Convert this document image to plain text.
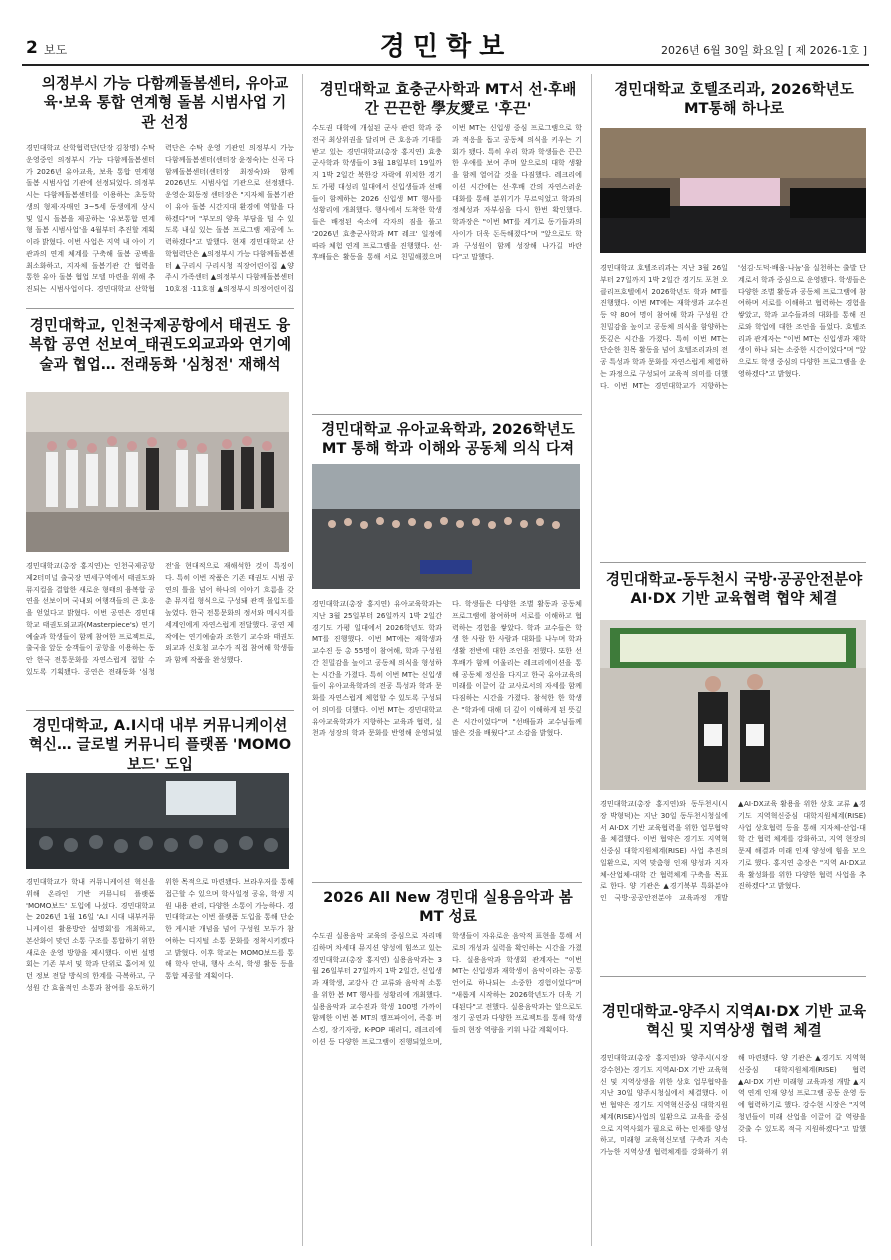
2 보도	경민학보	2026년 6월 30일 화요일 [ 제 2026-1호 ]
의정부시 가능 다함께돌봄센터, 유아교육·보육 통합 연계형 돌봄 시범사업 기관 선정
경민대학교 산학협력단(단장 김창명) 수탁 운영중인 의정부시 가능 다함께돌봄센터가 2026년 유아교육, 보육 통합 연계형 돌봄 시범사업 기관에 선정되었다. 의정부시는 다함께돌봄센터를 이용하는 초등학생의 형제·자매인 3~5세 동생에게 상시 및 일시 돌봄을 제공하는 '유보통합 연계형 돌봄 시범사업'을 4월부터 추진할 계획이라 밝혔다. 이번 사업은 지역 내 아이 기관과의 연계 체계를 구축해 돌봄 공백을 최소화하고, 지자체 돌봄기관 간 협력을 통한 유아 돌봄 협업 모델 마련을 위해 추진되는 시범사업이다. 경민대학교 산학협력단은 수탁 운영 기관인 의정부시 가능 다함께돌봄센터(센터장 윤정숙)는 신곡 다함께돌봄센터(센터장 최정숙)와 함께 2026년도 시범사업 기관으로 선정됐다. 운영순·회동정 센터장은 "지자체 돌봄기관이 유아 돌봄 시간지대 환경에 역할을 다하겠다"며 "부모의 양육 부담을 덜 수 있도록 내실 있는 돌봄 프로그램 제공에 노력하겠다"고 말했다. 현재 경민대학교 산학협력단은 ▲의정부시 가능 다함께돌봄센터 ▲구리시 구리시청 직장어린이집 ▲양주시 가족센터 ▲의정부시 다함께돌봄센터 10호점 ·11호점 ▲의정부시 의정어린이집
경민대학교, 인천국제공항에서 태권도 융복합 공연 선보여_태권도외교과와 연기예술과 협업… 전래동화 '심청전' 재해석
경민대학교(총장 홍지연)는 인천국제공항 제2터미널 출국장 면세구역에서 태권도와 뮤지컬을 결합한 새로운 형태의 융복합 공연을 선보이며 국내외 여행객들의 큰 호응을 얻었다고 밝혔다. 이번 공연은 경민대학교 태권도외교과(Masterpiece's) 연기예술과 학생들이 함께 참여한 프로젝트로, 출국을 앞둔 승객들이 공항을 이용하는 동안 한국 전통문화를 자연스럽게 접할 수 있도록 기획됐다. 공연은 전래동화 '심청전'을 현대적으로 재해석한 것이 특징이다. 특히 이번 작품은 기존 태권도 시범 공연의 틀을 넘어 하나의 이야기 흐름을 갖춘 뮤지컬 형식으로 구성돼 관객 몰입도를 높였다. 한국 전통문화의 정서와 메시지를 세계인에게 자연스럽게 전달했다. 공연 제작에는 연기예술과 조한기 교수와 태권도외교과 신호철 교수가 직접 참여해 학생들과 함께 작품을 완성했다.
경민대학교, A.I시대 내부 커뮤니케이션 혁신… 글로벌 커뮤니티 플랫폼 'MOMO보드' 도입
경민대학교가 학내 커뮤니케이션 혁신을 위해 온라인 기반 커뮤니티 플랫폼 'MOMO보드' 도입에 나섰다. 경민대학교는 2026년 1월 16일 'A.I 시대 내부커뮤니케이션 활용방안 설명회'를 개최하고, 본산화이 맞던 소통 구조를 통합하기 위한 새로운 운영 방향을 제시했다. 이번 설명회는 기존 부서 및 학과 단위로 흩어져 있던 정보 전달 방식의 한계를 극복하고, 구성원 간 효율적인 소통과 참여를 유도하기 위한 목적으로 마련됐다. 브라우저를 통해 접근할 수 있으며 학사일정 공유, 학생 지원 내용 관리, 다양한 소통이 가능하다. 경민대학교는 이번 플랫폼 도입을 통해 단순한 게시판 개념을 넘어 구성원 모두가 참여하는 디지털 소통 문화를 정착시키겠다고 밝혔다. 이후 학교는 MOMO보드를 통해 학사 안내, 행사 소식, 학생 활동 등을 통합 제공할 계획이다.
경민대학교 효충군사학과 MT서 선·후배 간 끈끈한 學友愛로 '후끈'
수도권 대학에 개설된 군사 관련 학과 중 전국 최상위권을 달리며 큰 호응과 기대를 받고 있는 경민대학교(총장 홍지연) 효충군사학과 학생들이 3월 18일부터 19일까지 1박 2일간 북한강 자락에 위치한 경기도 가평 대성리 일대에서 신입생들과 선배들이 함께하는 2026 신입생 MT 행사를 성황리에 개최했다. 행사에서 도착한 학생들은 배정된 숙소에 각자의 짐을 풀고 '2026년 효충군사학과 MT 레크' 일정에 따라 체험 연계 프로그램을 진행했다. 선·후배들은 활동을 통해 서로 친밀해졌으며 이번 MT는 신입생 중심 프로그램으로 학과 적응을 돕고 공동체 의식을 키우는 기회가 됐다. 특히 우리 학과 학생들은 끈끈한 우애를 보여 주며 앞으로의 대학 생활을 함께 열어갈 것을 다짐했다. 레크리에이션 시간에는 선·후배 간의 자연스러운 대화를 통해 분위기가 무르익었고 학과의 정체성과 자부심을 다시 한번 확인했다. 학과장은 "이번 MT를 계기로 동기들과의 사이가 더욱 돈독해졌다"며 "앞으로도 학과 구성원이 함께 성장해 나가길 바란다"고 말했다.
경민대학교 유아교육학과, 2026학년도 MT 통해 학과 이해와 공동체 의식 다져
경민대학교(총장 홍지연) 유아교육학과는 지난 3월 25일부터 26일까지 1박 2일간 경기도 가평 일대에서 2026학년도 학과 MT를 진행했다. 이번 MT에는 재학생과 교수진 등 총 55명이 참여해, 학과 구성원 간 친밀감을 높이고 공동체 의식을 형성하는 시간을 가졌다. 특히 이번 MT는 신입생들이 유아교육학과의 전공 특성과 학과 문화를 자연스럽게 체험할 수 있도록 구성되어 의미를 더했다. 이번 MT는 경민대학교 유아교육학과가 지향하는 교육과 협력, 실천과 성장의 학과 문화를 반영해 운영되었다. 학생들은 다양한 조별 활동과 공동체 프로그램에 참여하며 서로를 이해하고 협력하는 경험을 쌓았다. 학과 교수들은 학생 한 사람 한 사람과 대화를 나누며 학과 생활 전반에 대한 조언을 전했다. 또한 선후배가 함께 어울리는 레크리에이션을 통해 공동체 정신을 다지고 한국 유아교육의 미래를 이끌어 갈 교사로서의 자세를 함께 다짐하는 시간을 가졌다. 참석한 한 학생은 "학과에 대해 더 깊이 이해하게 된 뜻깊은 시간이었다"며 "선배들과 교수님들께 많은 것을 배웠다"고 소감을 밝혔다.
2026 All New 경민대 실용음악과 봄 MT 성료
수도권 실용음악 교육의 중심으로 자리매김하며 차세대 뮤지션 양성에 힘쓰고 있는 경민대학교(총장 홍지연) 실용음악과는 3월 26일부터 27일까지 1박 2일간, 신입생과 재학생, 교강사 간 교류와 음악적 소통을 위한 봄 MT 행사를 성황리에 개최했다. 실용음악과 교수진과 학생 100명 가까이 함께한 이번 봄 MT의 캠프파이어, 즉흥 버스킹, 장기자랑, K-POP 패러디, 레크리에이션 등 다양한 프로그램이 진행되었으며, 학생들이 자유로운 음악적 표현을 통해 서로의 개성과 실력을 확인하는 시간을 가졌다. 실용음악과 학생회 관계자는 "이번 MT는 신입생과 재학생이 음악이라는 공통 언어로 하나되는 소중한 경험이었다"며 "새롭게 시작하는 2026학년도가 더욱 기대된다"고 전했다. 실용음악과는 앞으로도 정기 공연과 다양한 프로젝트를 통해 학생들의 현장 역량을 키워 나갈 계획이다.
경민대학교 호텔조리과, 2026학년도 MT통해 하나로
경민대학교 호텔조리과는 지난 3월 26일부터 27일까지 1박 2일간 경기도 포천 오클리프호텔에서 2026학년도 학과 MT를 진행했다. 이번 MT에는 재학생과 교수진 등 약 80여 명이 참여해 학과 구성원 간 친밀감을 높이고 공동체 의식을 함양하는 뜻깊은 시간을 가졌다. 특히 이번 MT는 단순한 친목 활동을 넘어 호텔조리과의 전공 특성과 학과 문화를 자연스럽게 체험하는 과정으로 구성되어 교육적 의미를 더했다. 이번 MT는 경민대학교가 지향하는 '섬김·도덕·배움·나눔'을 실천하는 출발 단계로서 학과 중심으로 운영됐다. 학생들은 다양한 조별 활동과 공동체 프로그램에 참여하며 서로를 이해하고 협력하는 경험을 쌓았고, 학과 교수들과의 대화를 통해 진로와 학업에 대한 조언을 들었다. 호텔조리과 관계자는 "이번 MT는 신입생과 재학생이 하나 되는 소중한 시간이었다"며 "앞으로도 학생 중심의 다양한 프로그램을 운영하겠다"고 밝혔다.
경민대학교-동두천시 국방·공공안전분야 AI·DX 기반 교육협력 협약 체결
경민대학교(총장 홍지연)와 동두천시(시장 박형덕)는 지난 30일 동두천시청실에서 AI·DX 기반 교육협력을 위한 업무협약을 체결했다. 이번 협약은 경기도 지역혁신중심 대학지원체계(RISE) 사업 추진의 일환으로, 지역 맞춤형 인재 양성과 지자체-산업체-대학 간 협력체계 구축을 목표로 한다. 양 기관은 ▲경기북부 특화분야인 국방·공공안전분야 교육과정 개발 ▲AI·DX교육 활용을 위한 상호 교류 ▲경기도 지역혁신중심 대학지원체계(RISE)사업 상호협력 등을 통해 지자체-산업-대학 간 협력 체계를 강화하고, 지역 현장의 문제 해결과 미래 인재 양성에 힘을 모으기로 했다. 홍지연 총장은 "지역 AI·DX교육 활성화를 위한 다양한 협력 사업을 추진하겠다"고 밝혔다.
경민대학교-양주시 지역AI·DX 기반 교육혁신 및 지역상생 협력 체결
경민대학교(총장 홍지연)와 양주시(시장 강수현)는 경기도 지역AI·DX 기반 교육혁신 및 지역상생을 위한 상호 업무협약을 지난 30일 양주시청실에서 체결했다. 이번 협약은 경기도 지역혁신중심 대학지원체계(RISE)사업의 일환으로 교육을 중심으로 지역사회가 필요로 하는 인재를 양성하고, 미래형 교육혁신모델 구축과 지속 가능한 지역상생 협력체계를 강화하기 위해 마련됐다. 양 기관은 ▲경기도 지역혁신중심 대학지원체계(RISE) 협력 ▲AI·DX 기반 미래형 교육과정 개발 ▲지역 연계 인재 양성 프로그램 공동 운영 등에 협력하기로 했다. 강수현 시장은 "지역 청년들이 미래 산업을 이끌어 갈 역량을 갖출 수 있도록 적극 지원하겠다"고 말했다.
